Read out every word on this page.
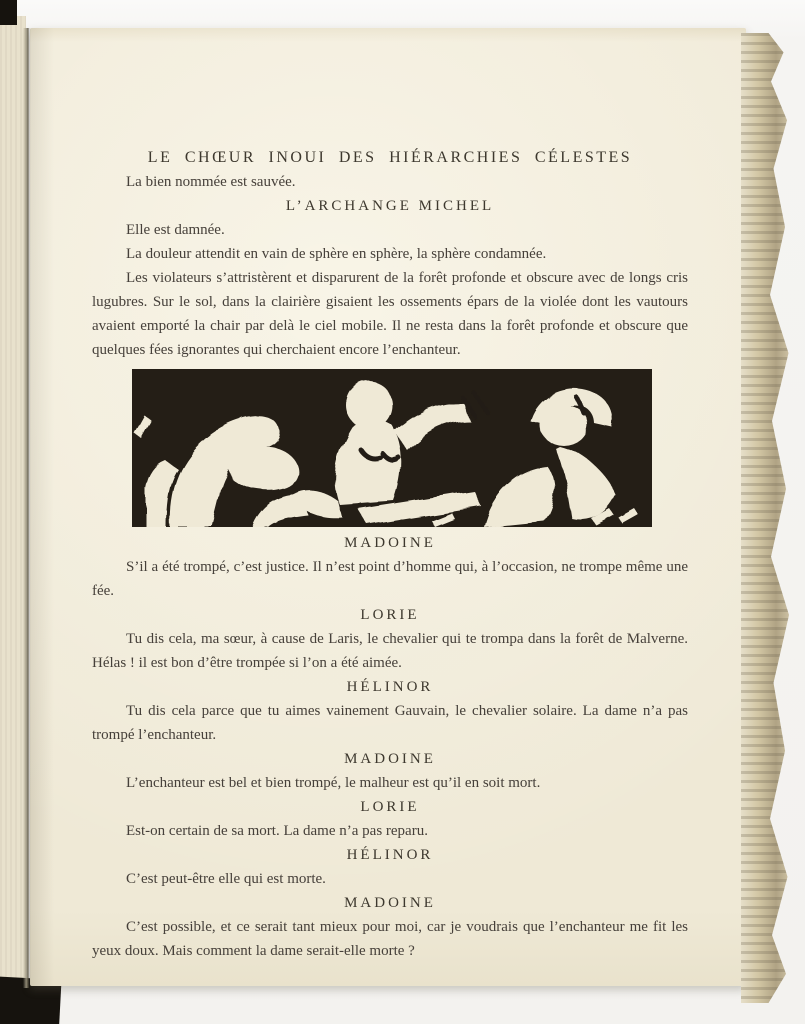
LE CHŒUR INOUI DES HIÉRARCHIES CÉLESTES

La bien nommée est sauvée.

L’ARCHANGE MICHEL

Elle est damnée.

La douleur attendit en vain de sphère en sphère, la sphère condamnée.

Les violateurs s’attristèrent et disparurent de la forêt profonde et obscure avec de longs cris lugubres. Sur le sol, dans la clairière gisaient les ossements épars de la violée dont les vautours avaient emporté la chair par delà le ciel mobile. Il ne resta dans la forêt profonde et obscure que quelques fées ignorantes qui cherchaient encore l’enchanteur.

MADOINE

S’il a été trompé, c’est justice. Il n’est point d’homme qui, à l’occasion, ne trompe même une fée.

LORIE

Tu dis cela, ma sœur, à cause de Laris, le chevalier qui te trompa dans la forêt de Malverne. Hélas ! il est bon d’être trompée si l’on a été aimée.

HÉLINOR

Tu dis cela parce que tu aimes vainement Gauvain, le chevalier solaire. La dame n’a pas trompé l’enchanteur.

MADOINE

L’enchanteur est bel et bien trompé, le malheur est qu’il en soit mort.

LORIE

Est-on certain de sa mort. La dame n’a pas reparu.

HÉLINOR

C’est peut-être elle qui est morte.

MADOINE

C’est possible, et ce serait tant mieux pour moi, car je voudrais que l’enchanteur me fit les yeux doux. Mais comment la dame serait-elle morte ?
